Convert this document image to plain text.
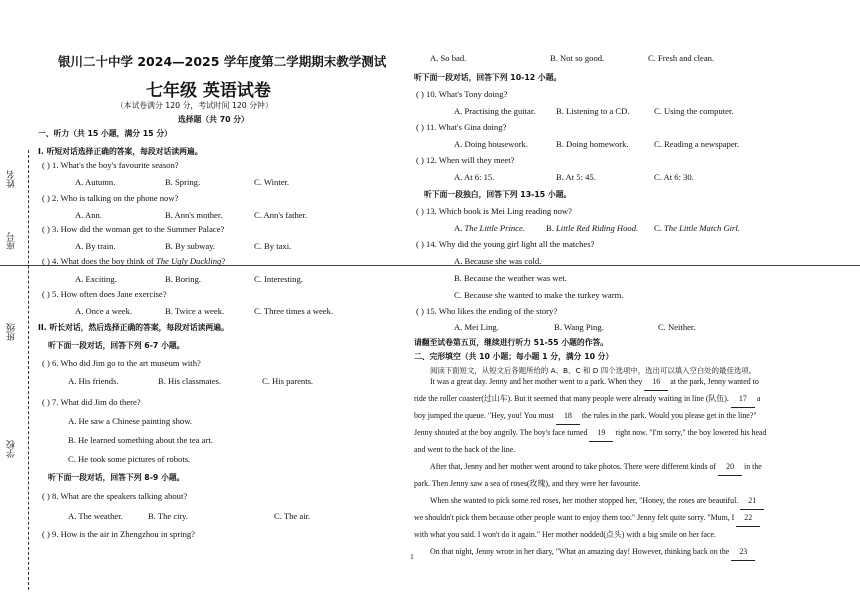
姓名
座号
班级
学校
银川二十中学 2024—2025 学年度第二学期期末教学测试
七年级 英语试卷
（本试卷满分 120 分，考试时间 120 分钟）
选择题（共 70 分）
一、听力（共 15 小题，满分 15 分）
I. 听短对话选择正确的答案，每段对话读两遍。
( ) 1. What's the boy's favourite season?
A. Autumn.	B. Spring.	C. Winter.
( ) 2. Who is talking on the phone now?
A. Ann.	B. Ann's mother.	C. Ann's father.
( ) 3. How did the woman get to the Summer Palace?
A. By train.	B. By subway.	C. By taxi.
( ) 4. What does the boy think of The Ugly Duckling?
A. Exciting.	B. Boring.	C. Interesting.
( ) 5. How often does Jane exercise?
A. Once a week.	B. Twice a week.	C. Three times a week.
II. 听长对话，然后选择正确的答案，每段对话读两遍。
听下面一段对话，回答下列 6-7 小题。
( ) 6. Who did Jim go to the art museum with?
A. His friends.	B. His classmates.	C. His parents.
( ) 7. What did Jim do there?
A. He saw a Chinese painting show.
B. He learned something about the tea art.
C. He took some pictures of robots.
听下面一段对话，回答下列 8-9 小题。
( ) 8. What are the speakers talking about?
A. The weather.	B. The city.	C. The air.
( ) 9. How is the air in Zhengzhou in spring?
A. So bad.	B. Not so good.	C. Fresh and clean.
听下面一段对话，回答下列 10-12 小题。
( ) 10. What's Tony doing?
A. Practising the guitar. B. Listening to a CD.	C. Using the computer.
( ) 11. What's Gina doing?
A. Doing housework.	B. Doing homework.	C. Reading a newspaper.
( ) 12. When will they meet?
A. At 6: 15.	B. At 5: 45.	C. At 6: 30.
听下面一段独白，回答下列 13-15 小题。
( ) 13. Which book is Mei Ling reading now?
A. The Little Prince. B. Little Red Riding Hood. C. The Little Match Girl.
( ) 14. Why did the young girl light all the matches?
A. Because she was cold.
B. Because the weather was wet.
C. Because she wanted to make the turkey warm.
( ) 15. Who likes the ending of the story?
A. Mei Ling.	B. Wang Ping.	C. Neither.
请翻至试卷第五页，继续进行听力 51-55 小题的作答。
二、完形填空（共 10 小题；每小题 1 分，满分 10 分）
阅读下面短文，从短文后各题所给的 A、B、C 和 D 四个选项中，选出可以填入空白处的最佳选项。
It was a great day. Jenny and her mother went to a park. When they 16 at the park, Jenny wanted to
ride the roller coaster(过山车). But it seemed that many people were already waiting in line (队伍). 17 a
boy jumped the queue. "Hey, you! You must 18 the rules in the park. Would you please get in the line?"
Jenny shouted at the boy angrily. The boy's face turned 19 right now. "I'm sorry," the boy lowered his head
and went to the back of the line.
After that, Jenny and her mother went around to take photos. There were different kinds of 20 in the
park. Then Jenny saw a sea of roses(玫瑰), and they were her favourite.
When she wanted to pick some red roses, her mother stopped her, "Honey, the roses are beautiful. 21
we shouldn't pick them because other people want to enjoy them too." Jenny felt quite sorry. "Mum, I 22
with what you said. I won't do it again." Her mother nodded(点头) with a big smile on her face.
On that night, Jenny wrote in her diary, "What an amazing day! However, thinking back on the 23
1
